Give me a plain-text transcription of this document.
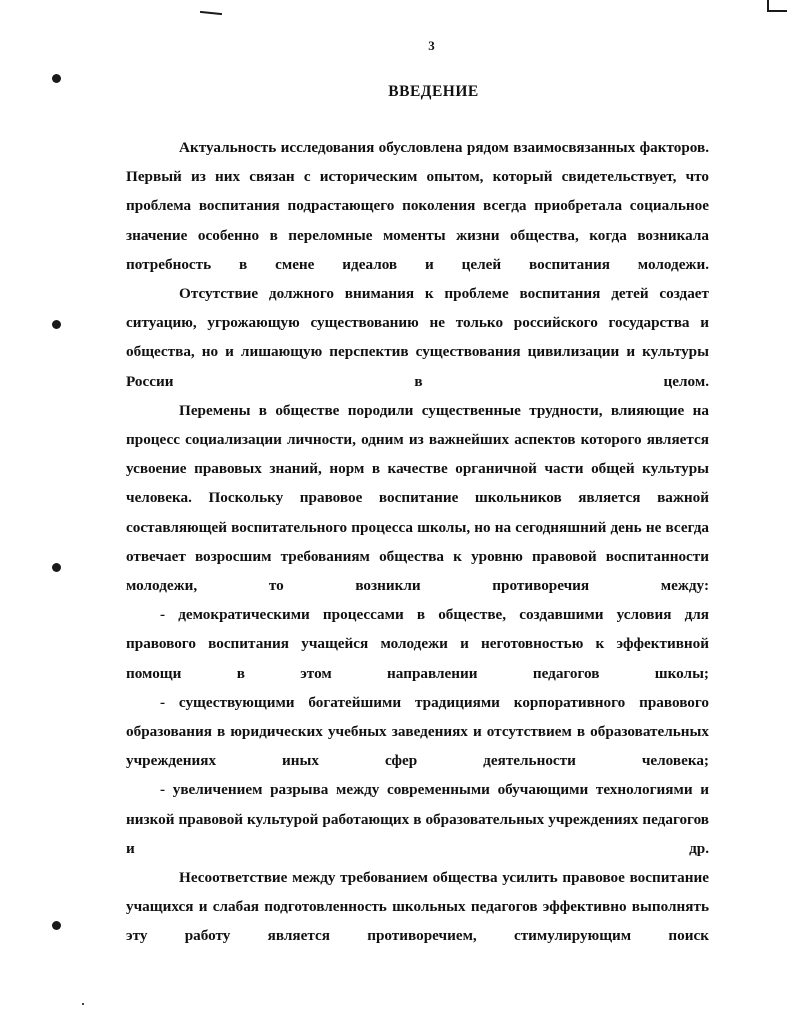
3
ВВЕДЕНИЕ

Актуальность исследования обусловлена рядом взаимосвязанных факторов. Первый из них связан с историческим опытом, который свидетельствует, что проблема воспитания подрастающего поколения всегда приобретала социальное значение особенно в переломные моменты жизни общества, когда возникала потребность в смене идеалов и целей воспитания молодежи.

Отсутствие должного внимания к проблеме воспитания детей создает ситуацию, угрожающую существованию не только российского государства и общества, но и лишающую перспектив существования цивилизации и культуры России в целом.

Перемены в обществе породили существенные трудности, влияющие на процесс социализации личности, одним из важнейших аспектов которого является усвоение правовых знаний, норм в качестве органичной части общей культуры человека. Поскольку правовое воспитание школьников является важной составляющей воспитательного процесса школы, но на сегодняшний день не всегда отвечает возросшим требованиям общества к уровню правовой воспитанности молодежи, то возникли противоречия между:

- демократическими процессами в обществе, создавшими условия для правового воспитания учащейся молодежи и неготовностью к эффективной помощи в этом направлении педагогов школы;

- существующими богатейшими традициями корпоративного правового образования в юридических учебных заведениях и отсутствием в образовательных учреждениях иных сфер деятельности человека;

- увеличением разрыва между современными обучающими технологиями и низкой правовой культурой работающих в образовательных учреждениях педагогов и др.

Несоответствие между требованием общества усилить правовое воспитание учащихся и слабая подготовленность школьных педагогов эффективно выполнять эту работу является противоречием, стимулирующим поиск
